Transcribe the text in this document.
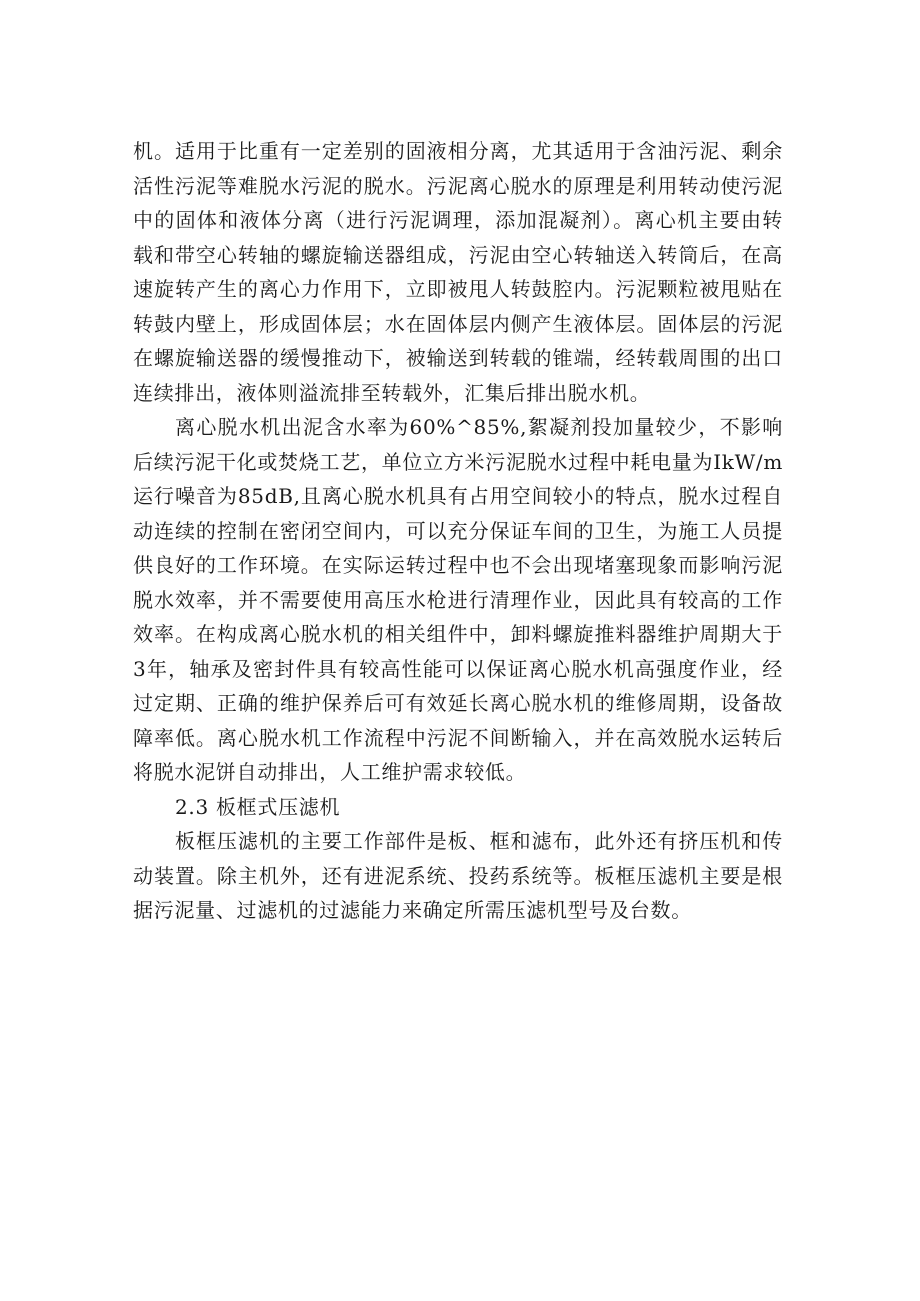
机。适用于比重有一定差别的固液相分离，尤其适用于含油污泥、剩余活性污泥等难脱水污泥的脱水。污泥离心脱水的原理是利用转动使污泥中的固体和液体分离（进行污泥调理，添加混凝剂）。离心机主要由转载和带空心转轴的螺旋输送器组成，污泥由空心转轴送入转筒后，在高速旋转产生的离心力作用下，立即被甩人转鼓腔内。污泥颗粒被甩贴在转鼓内壁上，形成固体层；水在固体层内侧产生液体层。固体层的污泥在螺旋输送器的缓慢推动下，被输送到转载的锥端，经转载周围的出口连续排出，液体则溢流排至转载外，汇集后排出脱水机。

离心脱水机出泥含水率为60%^85%,絮凝剂投加量较少，不影响后续污泥干化或焚烧工艺，单位立方米污泥脱水过程中耗电量为IkW/m运行噪音为85dB,且离心脱水机具有占用空间较小的特点，脱水过程自动连续的控制在密闭空间内，可以充分保证车间的卫生，为施工人员提供良好的工作环境。在实际运转过程中也不会出现堵塞现象而影响污泥脱水效率，并不需要使用高压水枪进行清理作业，因此具有较高的工作效率。在构成离心脱水机的相关组件中，卸料螺旋推料器维护周期大于3年，轴承及密封件具有较高性能可以保证离心脱水机高强度作业，经过定期、正确的维护保养后可有效延长离心脱水机的维修周期，设备故障率低。离心脱水机工作流程中污泥不间断输入，并在高效脱水运转后将脱水泥饼自动排出，人工维护需求较低。

2.3 板框式压滤机

板框压滤机的主要工作部件是板、框和滤布，此外还有挤压机和传动装置。除主机外，还有进泥系统、投药系统等。板框压滤机主要是根据污泥量、过滤机的过滤能力来确定所需压滤机型号及台数。
